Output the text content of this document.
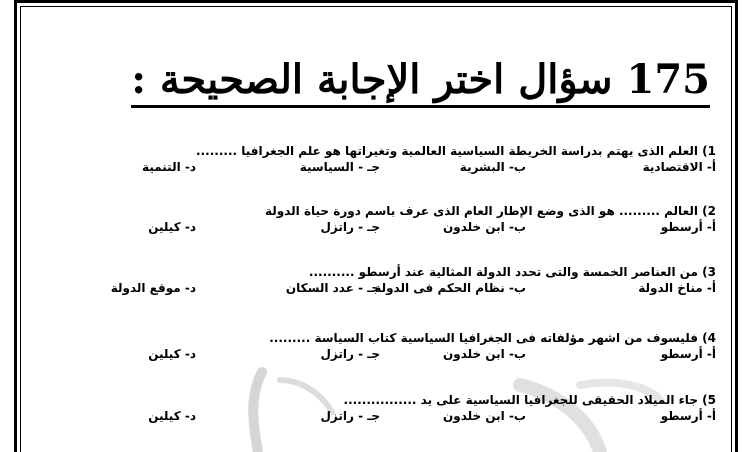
175 سؤال اختر الإجابة الصحيحة :
1) العلم الذى يهتم بدراسة الخريطة السياسية العالمية وتغيراتها هو علم الجغرافيا .........
أ- الاقتصادية
ب- البشرية
جـ - السياسية
د- التنمية
2) العالم ......... هو الذى وضع الإطار العام الذى عرف باسم دورة حياة الدولة
أ- أرسطو
ب- ابن خلدون
جـ - راتزل
د- كيلين
3) من العناصر الخمسة والتى تحدد الدولة المثالية عند أرسطو ..........
أ- مناخ الدولة
ب- نظام الحكم فى الدولة
جـ - عدد السكان
د- موقع الدولة
4) فليسوف من اشهر مؤلفاته فى الجغرافيا السياسية كتاب السياسة .........
أ- أرسطو
ب- ابن خلدون
جـ - راتزل
د- كيلين
5) جاء الميلاد الحقيقى للجغرافيا السياسية على يد ................
أ- أرسطو
ب- ابن خلدون
جـ - راتزل
د- كيلين
